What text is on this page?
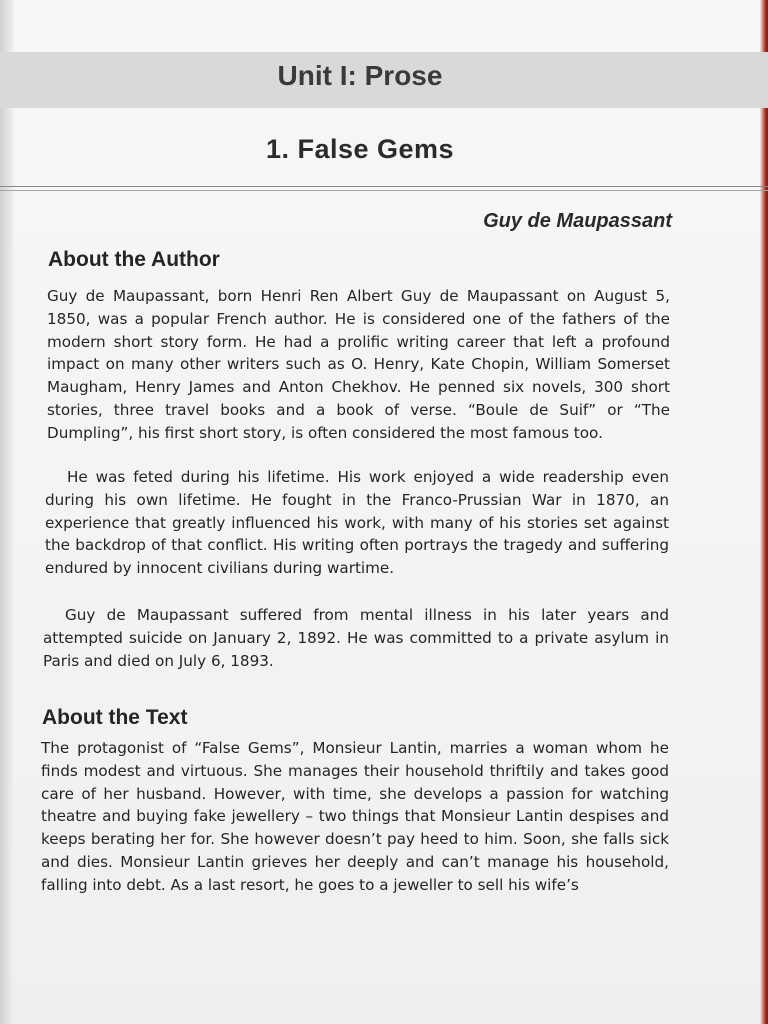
Unit I: Prose
1. False Gems
Guy de Maupassant
About the Author

Guy de Maupassant, born Henri Ren Albert Guy de Maupassant on August 5, 1850, was a popular French author. He is considered one of the fathers of the modern short story form. He had a prolific writing career that left a profound impact on many other writers such as O. Henry, Kate Chopin, William Somerset Maugham, Henry James and Anton Chekhov. He penned six novels, 300 short stories, three travel books and a book of verse. “Boule de Suif” or “The Dumpling”, his first short story, is often considered the most famous too.

He was feted during his lifetime. His work enjoyed a wide readership even during his own lifetime. He fought in the Franco-Prussian War in 1870, an experience that greatly influenced his work, with many of his stories set against the backdrop of that conflict. His writing often portrays the tragedy and suffering endured by innocent civilians during wartime.

Guy de Maupassant suffered from mental illness in his later years and attempted suicide on January 2, 1892. He was committed to a private asylum in Paris and died on July 6, 1893.

About the Text

The protagonist of “False Gems”, Monsieur Lantin, marries a woman whom he finds modest and virtuous. She manages their household thriftily and takes good care of her husband. However, with time, she develops a passion for watching theatre and buying fake jewellery – two things that Monsieur Lantin despises and keeps berating her for. She however doesn’t pay heed to him. Soon, she falls sick and dies. Monsieur Lantin grieves her deeply and can’t manage his household, falling into debt. As a last resort, he goes to a jeweller to sell his wife’s
